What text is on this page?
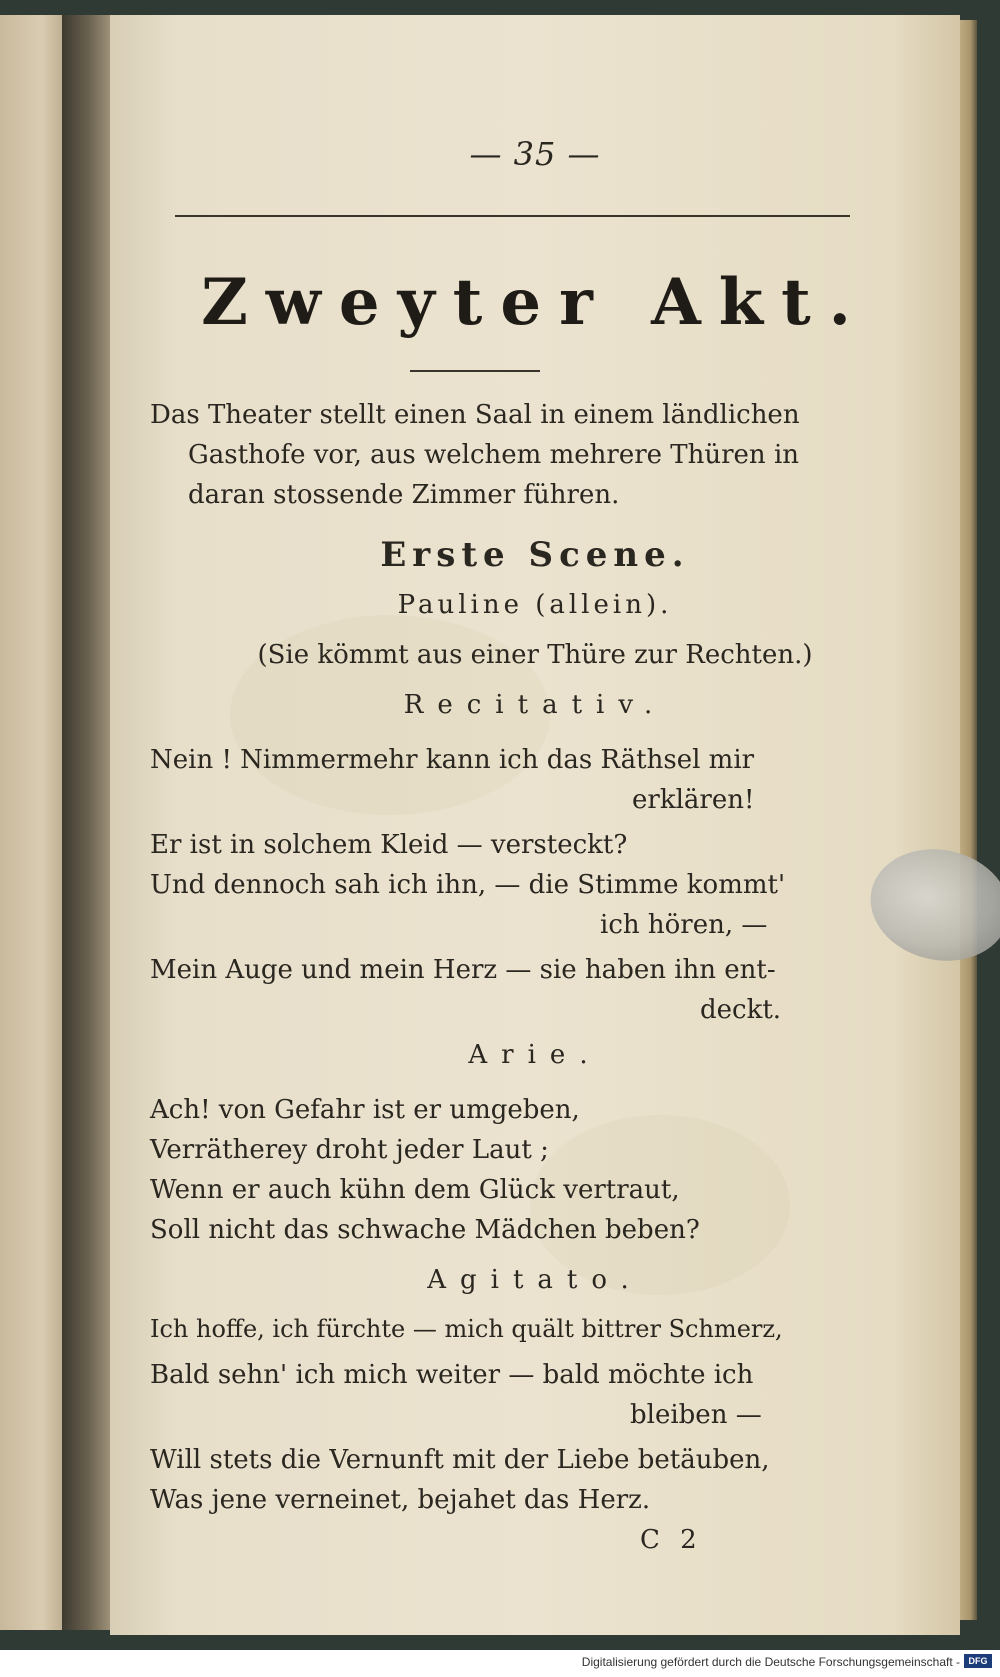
— 35 —
Zweyter Akt.
Das Theater stellt einen Saal in einem ländlichen
Gasthofe vor, aus welchem mehrere Thüren in
daran stossende Zimmer führen.
Erste Scene.
Pauline (allein).
(Sie kömmt aus einer Thüre zur Rechten.)
Recitativ.
Nein ! Nimmermehr kann ich das Räthsel mir
erklären!
Er ist in solchem Kleid — versteckt?
Und dennoch sah ich ihn, — die Stimme kommt'
ich hören, —
Mein Auge und mein Herz — sie haben ihn ent-
deckt.
Arie.
Ach! von Gefahr ist er umgeben,
Verrätherey droht jeder Laut ;
Wenn er auch kühn dem Glück vertraut,
Soll nicht das schwache Mädchen beben?
Agitato.
Ich hoffe, ich fürchte — mich quält bittrer Schmerz,
Bald sehn' ich mich weiter — bald möchte ich
bleiben —
Will stets die Vernunft mit der Liebe betäuben,
Was jene verneinet, bejahet das Herz.
C 2
Digitalisierung gefördert durch die Deutsche Forschungsgemeinschaft - DFG
